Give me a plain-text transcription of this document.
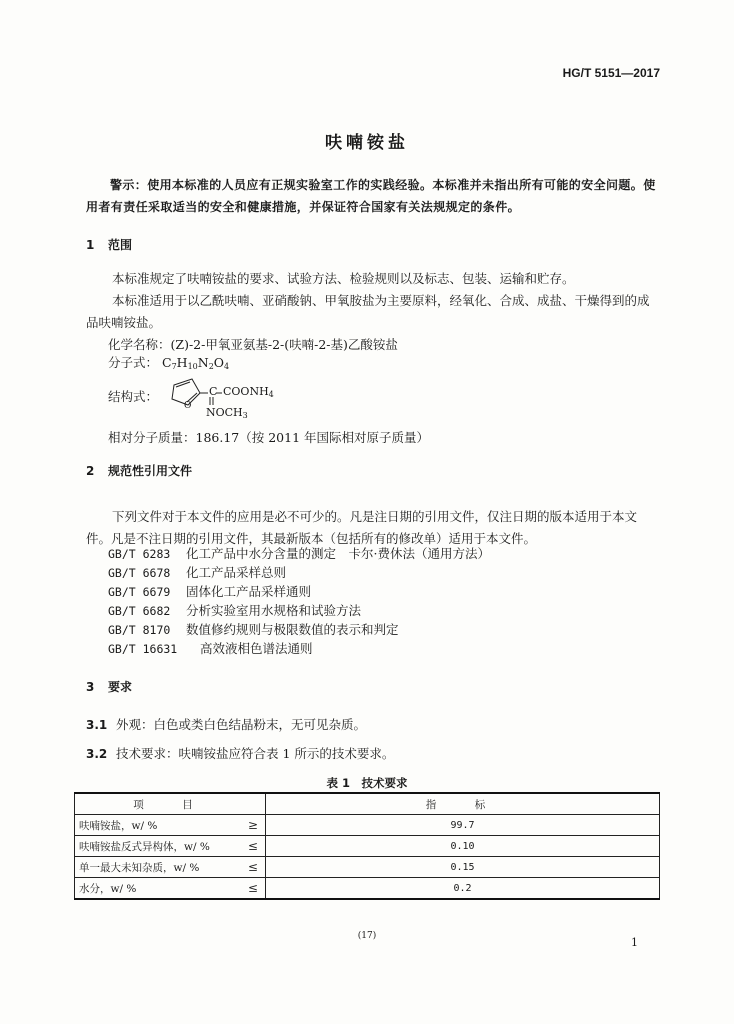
HG/T 5151—2017
呋喃铵盐
警示：使用本标准的人员应有正规实验室工作的实践经验。本标准并未指出所有可能的安全问题。使用者有责任采取适当的安全和健康措施，并保证符合国家有关法规规定的条件。
1 范围
本标准规定了呋喃铵盐的要求、试验方法、检验规则以及标志、包装、运输和贮存。
本标准适用于以乙酰呋喃、亚硝酸钠、甲氧胺盐为主要原料，经氧化、合成、成盐、干燥得到的成品呋喃铵盐。
化学名称：(Z)-2-甲氧亚氨基-2-(呋喃-2-基)乙酸铵盐
分子式： $C_7H_{10}N_2O_4$
结构式：
O
C $COONH_4$
$NOCH_3$
相对分子质量：186.17（按 2011 年国际相对原子质量）
2 规范性引用文件
下列文件对于本文件的应用是必不可少的。凡是注日期的引用文件，仅注日期的版本适用于本文件。凡是不注日期的引用文件，其最新版本（包括所有的修改单）适用于本文件。
GB/T 6283 化工产品中水分含量的测定　卡尔·费休法（通用方法）
GB/T 6678 化工产品采样总则
GB/T 6679 固体化工产品采样通则
GB/T 6682 分析实验室用水规格和试验方法
GB/T 8170 数值修约规则与极限数值的表示和判定
GB/T 16631 高效液相色谱法通则
3 要求
3.1 外观：白色或类白色结晶粉末，无可见杂质。
3.2 技术要求：呋喃铵盐应符合表 1 所示的技术要求。
表 1　技术要求
项　目		指　标
呋喃铵盐，w/ %	≥	99.7
呋喃铵盐反式异构体，w/ %	≤	0.10
单一最大未知杂质，w/ %	≤	0.15
水分，w/ %	≤	0.2
(17)	1
